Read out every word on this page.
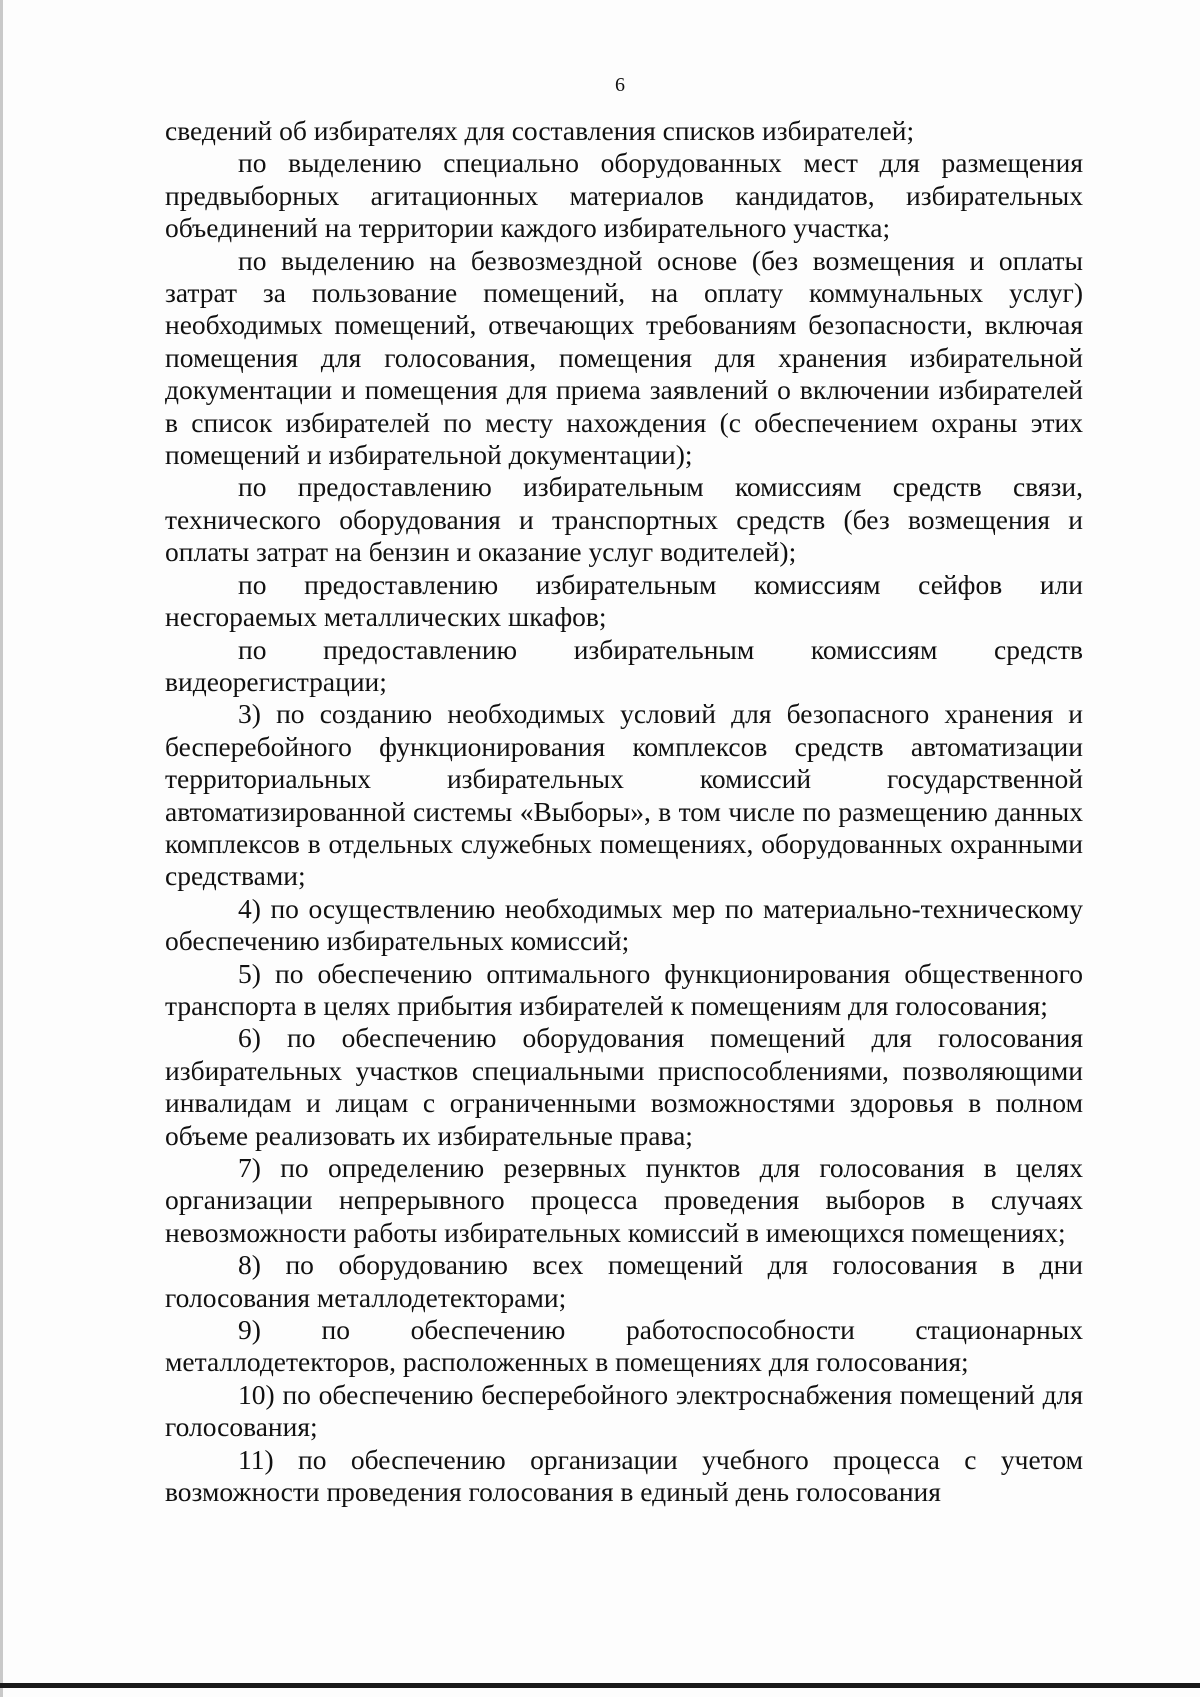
6

сведений об избирателях для составления списков избирателей;

по выделению специально оборудованных мест для размещения предвыборных агитационных материалов кандидатов, избирательных объединений на территории каждого избирательного участка;

по выделению на безвозмездной основе (без возмещения и оплаты затрат за пользование помещений, на оплату коммунальных услуг) необходимых помещений, отвечающих требованиям безопасности, включая помещения для голосования, помещения для хранения избирательной документации и помещения для приема заявлений о включении избирателей в список избирателей по месту нахождения (с обеспечением охраны этих помещений и избирательной документации);

по предоставлению избирательным комиссиям средств связи, технического оборудования и транспортных средств (без возмещения и оплаты затрат на бензин и оказание услуг водителей);

по предоставлению избирательным комиссиям сейфов или несгораемых металлических шкафов;

по предоставлению избирательным комиссиям средств видеорегистрации;

3) по созданию необходимых условий для безопасного хранения и бесперебойного функционирования комплексов средств автоматизации территориальных избирательных комиссий государственной автоматизированной системы «Выборы», в том числе по размещению данных комплексов в отдельных служебных помещениях, оборудованных охранными средствами;

4) по осуществлению необходимых мер по материально-техническому обеспечению избирательных комиссий;

5) по обеспечению оптимального функционирования общественного транспорта в целях прибытия избирателей к помещениям для голосования;

6) по обеспечению оборудования помещений для голосования избирательных участков специальными приспособлениями, позволяющими инвалидам и лицам с ограниченными возможностями здоровья в полном объеме реализовать их избирательные права;

7) по определению резервных пунктов для голосования в целях организации непрерывного процесса проведения выборов в случаях невозможности работы избирательных комиссий в имеющихся помещениях;

8) по оборудованию всех помещений для голосования в дни голосования металлодетекторами;

9) по обеспечению работоспособности стационарных металлодетекторов, расположенных в помещениях для голосования;

10) по обеспечению бесперебойного электроснабжения помещений для голосования;

11) по обеспечению организации учебного процесса с учетом возможности проведения голосования в единый день голосования
